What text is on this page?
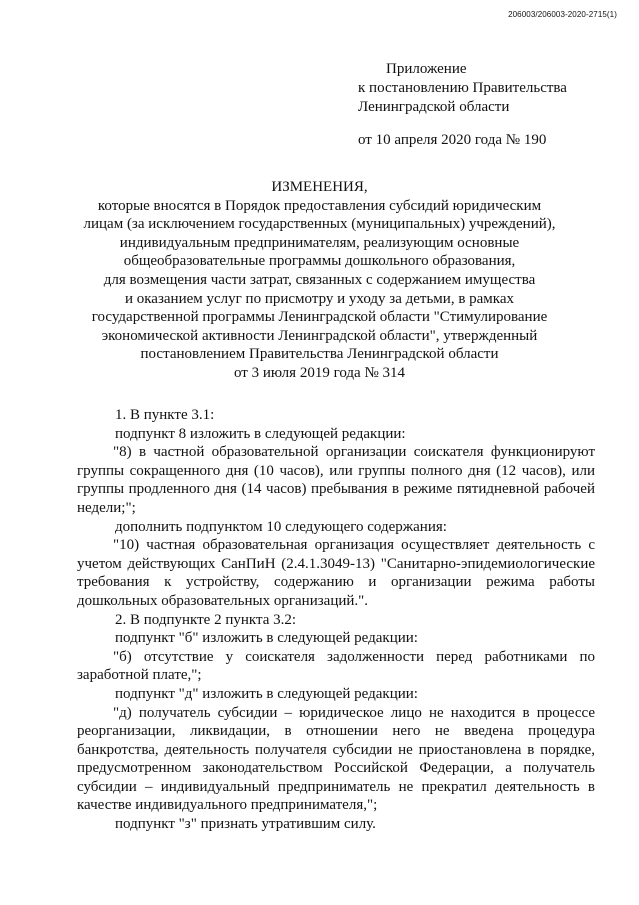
206003/206003-2020-2715(1)
Приложение
к постановлению Правительства
Ленинградской области
от 10 апреля 2020 года № 190
ИЗМЕНЕНИЯ,
которые вносятся в Порядок предоставления субсидий юридическим
лицам (за исключением государственных (муниципальных) учреждений),
индивидуальным предпринимателям, реализующим основные
общеобразовательные программы дошкольного образования,
для возмещения части затрат, связанных с содержанием имущества
и оказанием услуг по присмотру и уходу за детьми, в рамках
государственной программы Ленинградской области "Стимулирование
экономической активности Ленинградской области", утвержденный
постановлением Правительства Ленинградской области
от 3 июля 2019 года № 314

1. В пункте 3.1:

подпункт 8 изложить в следующей редакции:

"8) в частной образовательной организации соискателя функционируют группы сокращенного дня (10 часов), или группы полного дня (12 часов), или группы продленного дня (14 часов) пребывания в режиме пятидневной рабочей недели;";

дополнить подпунктом 10 следующего содержания:

"10) частная образовательная организация осуществляет деятельность с учетом действующих СанПиН (2.4.1.3049-13) "Санитарно-эпидемиологические требования к устройству, содержанию и организации режима работы дошкольных образовательных организаций.".

2. В подпункте 2 пункта 3.2:

подпункт "б" изложить в следующей редакции:

"б) отсутствие у соискателя задолженности перед работниками по заработной плате,";

подпункт "д" изложить в следующей редакции:

"д) получатель субсидии – юридическое лицо не находится в процессе реорганизации, ликвидации, в отношении него не введена процедура банкротства, деятельность получателя субсидии не приостановлена в порядке, предусмотренном законодательством Российской Федерации, а получатель субсидии – индивидуальный предприниматель не прекратил деятельность в качестве индивидуального предпринимателя,";

подпункт "з" признать утратившим силу.
